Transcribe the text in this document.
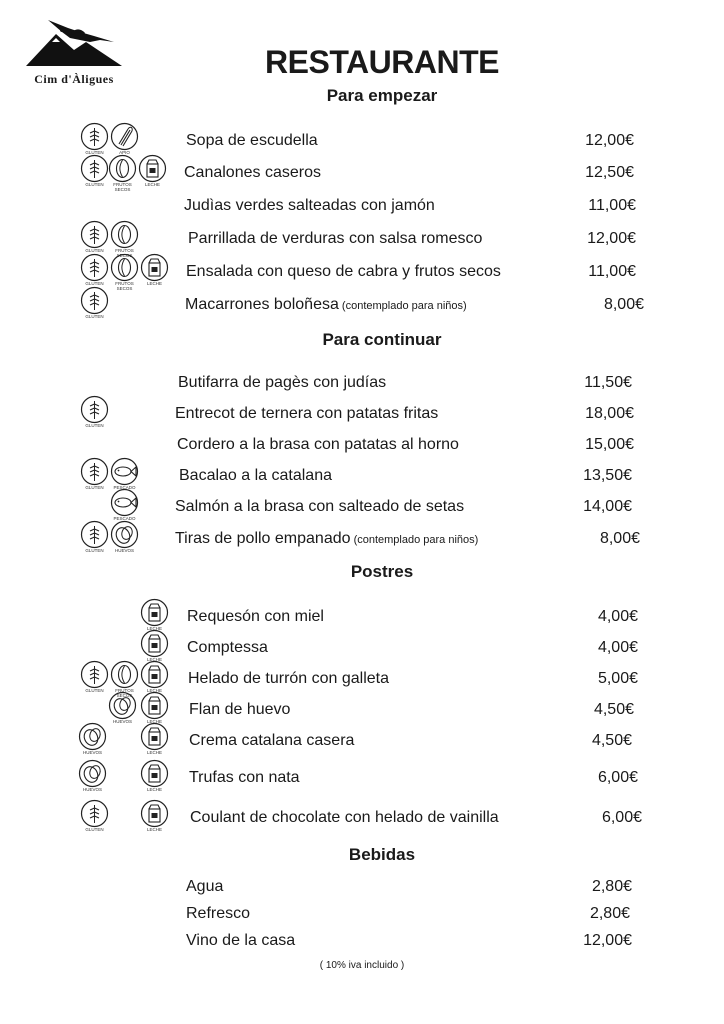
Cim d'Àligues	RESTAURANTE
Para empezar
GLUTEN	APIO
Sopa de escudella	12,00€
GLUTEN	FRUTOS SECOS
LECHE
Canalones caseros	12,50€
Judìas verdes salteadas con jamón	11,00€
GLUTEN	FRUTOS SECOS
Parrillada de verduras con salsa romesco	12,00€
GLUTEN	FRUTOS SECOS
LECHE
Ensalada con queso de cabra y frutos secos	11,00€
GLUTEN
Macarrones boloñesa (contemplado para niños)	8,00€
Para continuar
Butifarra de pagès con judías	11,50€
GLUTEN
Entrecot de ternera con patatas fritas	18,00€
Cordero a la brasa con patatas al horno	15,00€
GLUTEN	PESCADO
Bacalao a la catalana	13,50€
PESCADO
Salmón a la brasa con salteado de setas	14,00€
GLUTEN	HUEVOS
Tiras de pollo empanado (contemplado para niños)	8,00€
Postres
LECHE
Requesón con miel	4,00€
LECHE
Comptessa	4,00€
GLUTEN	FRUTOS SECOS
LECHE
Helado de turrón con galleta	5,00€
HUEVOS	LECHE
Flan de huevo	4,50€
HUEVOS	LECHE
Crema catalana casera	4,50€
HUEVOS	LECHE
Trufas con nata	6,00€
GLUTEN	LECHE
Coulant de chocolate con helado de vainilla	6,00€
Bebidas
Agua	2,80€
Refresco	2,80€
Vino de la casa	12,00€
( 10% iva incluido )
